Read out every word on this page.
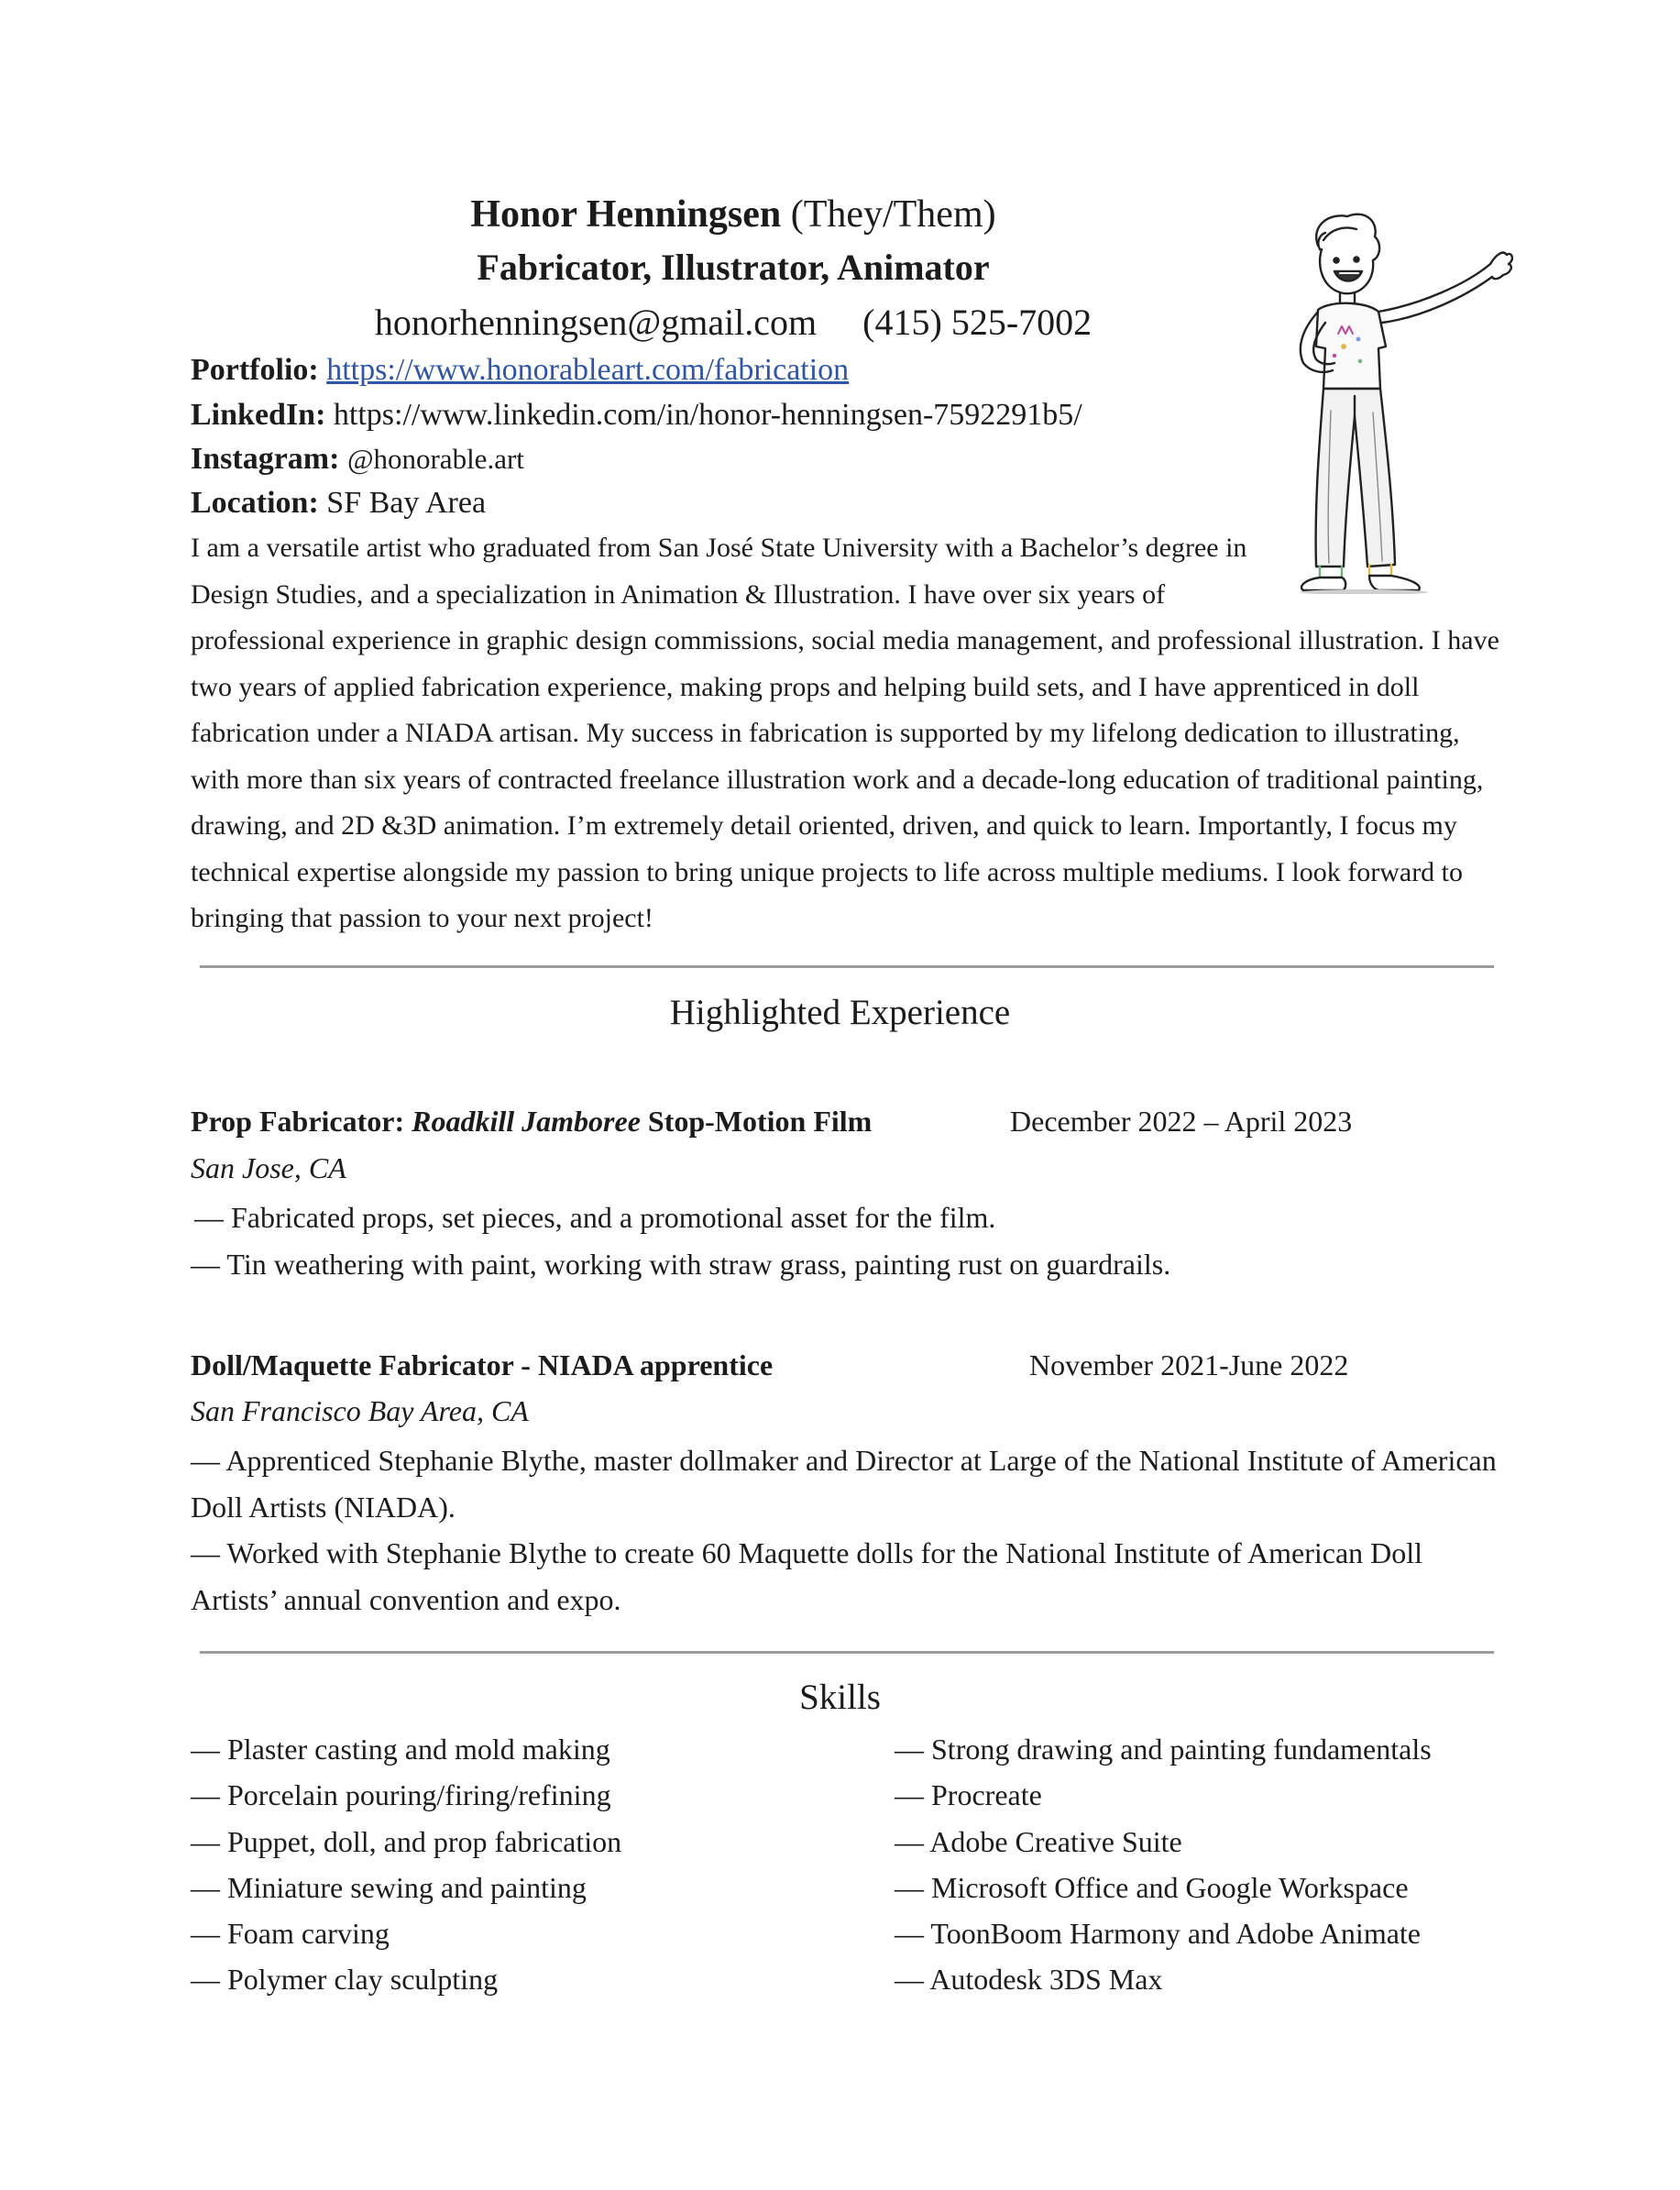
Honor Henningsen (They/Them)
Fabricator, Illustrator, Animator
honorhenningsen@gmail.com (415) 525-7002
Portfolio: https://www.honorableart.com/fabrication
LinkedIn: https://www.linkedin.com/in/honor-henningsen-7592291b5/
Instagram: @honorable.art
Location: SF Bay Area

I am a versatile artist who graduated from San José State University with a Bachelor’s degree in Design Studies, and a specialization in Animation & Illustration. I have over six years of professional experience in graphic design commissions, social media management, and professional illustration. I have two years of applied fabrication experience, making props and helping build sets, and I have apprenticed in doll fabrication under a NIADA artisan. My success in fabrication is supported by my lifelong dedication to illustrating, with more than six years of contracted freelance illustration work and a decade-long education of traditional painting, drawing, and 2D &3D animation. I’m extremely detail oriented, driven, and quick to learn. Importantly, I focus my technical expertise alongside my passion to bring unique projects to life across multiple mediums. I look forward to bringing that passion to your next project!

Highlighted Experience
Prop Fabricator: Roadkill Jamboree Stop-Motion Film	December 2022 – April 2023
San Jose, CA

— Fabricated props, set pieces, and a promotional asset for the film.

— Tin weathering with paint, working with straw grass, painting rust on guardrails.

Doll/Maquette Fabricator - NIADA apprentice	November 2021-June 2022
San Francisco Bay Area, CA

— Apprenticed Stephanie Blythe, master dollmaker and Director at Large of the National Institute of American Doll Artists (NIADA).

— Worked with Stephanie Blythe to create 60 Maquette dolls for the National Institute of American Doll Artists’ annual convention and expo.

Skills
— Plaster casting and mold making
— Porcelain pouring/firing/refining
— Puppet, doll, and prop fabrication
— Miniature sewing and painting
— Foam carving
— Polymer clay sculpting
— Strong drawing and painting fundamentals
— Procreate
— Adobe Creative Suite
— Microsoft Office and Google Workspace
— ToonBoom Harmony and Adobe Animate
— Autodesk 3DS Max
